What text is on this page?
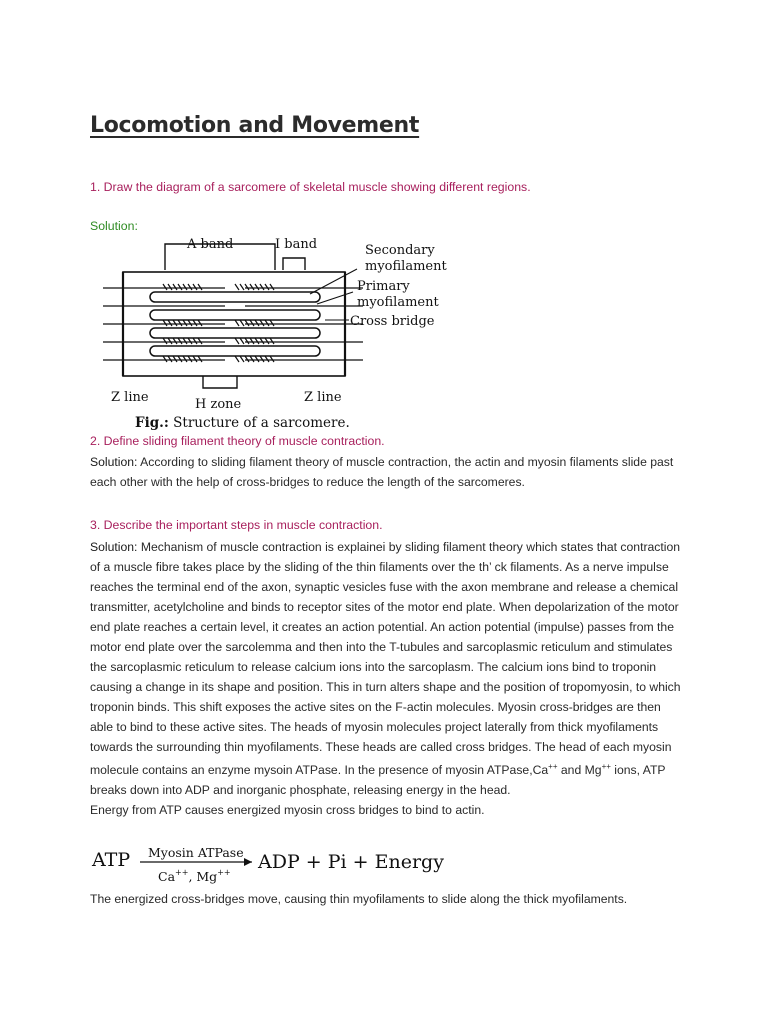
Locomotion and Movement

1. Draw the diagram of a sarcomere of skeletal muscle showing different regions.

Solution:
A band	I band	Secondary
myofilament
Primary
myofilament
Cross bridge
Z line	Z line
H zone
Fig.: Structure of a sarcomere.

2. Define sliding filament theory of muscle contraction.

Solution: According to sliding filament theory of muscle contraction, the actin and myosin filaments slide past each other with the help of cross-bridges to reduce the length of the sarcomeres.

3. Describe the important steps in muscle contraction.

Solution: Mechanism of muscle contraction is explainei by sliding filament theory which states that contraction of a muscle fibre takes place by the sliding of the thin filaments over the th’ ck filaments. As a nerve impulse reaches the terminal end of the axon, synaptic vesicles fuse with the axon membrane and release a chemical transmitter, acetylcholine and binds to receptor sites of the motor end plate. When depolarization of the motor end plate reaches a certain level, it creates an action potential. An action potential (impulse) passes from the motor end plate over the sarcolemma and then into the T-tubules and sarcoplasmic reticulum and stimulates the sarcoplasmic reticulum to release calcium ions into the sarcoplasm. The calcium ions bind to troponin causing a change in its shape and position. This in turn alters shape and the position of tropomyosin, to which troponin binds. This shift exposes the active sites on the F-actin molecules. Myosin cross-bridges are then able to bind to these active sites. The heads of myosin molecules project laterally from thick myofilaments towards the surrounding thin myofilaments. These heads are called cross bridges. The head of each myosin molecule contains an enzyme mysoin ATPase. In the presence of myosin ATPase,Ca++ and Mg++ ions, ATP breaks down into ADP and inorganic phosphate, releasing energy in the head.
Energy from ATP causes energized myosin cross bridges to bind to actin.

ATP Myosin ATPase
Ca++, Mg++ ADP + Pi + Energy

The energized cross-bridges move, causing thin myofilaments to slide along the thick myofilaments.
